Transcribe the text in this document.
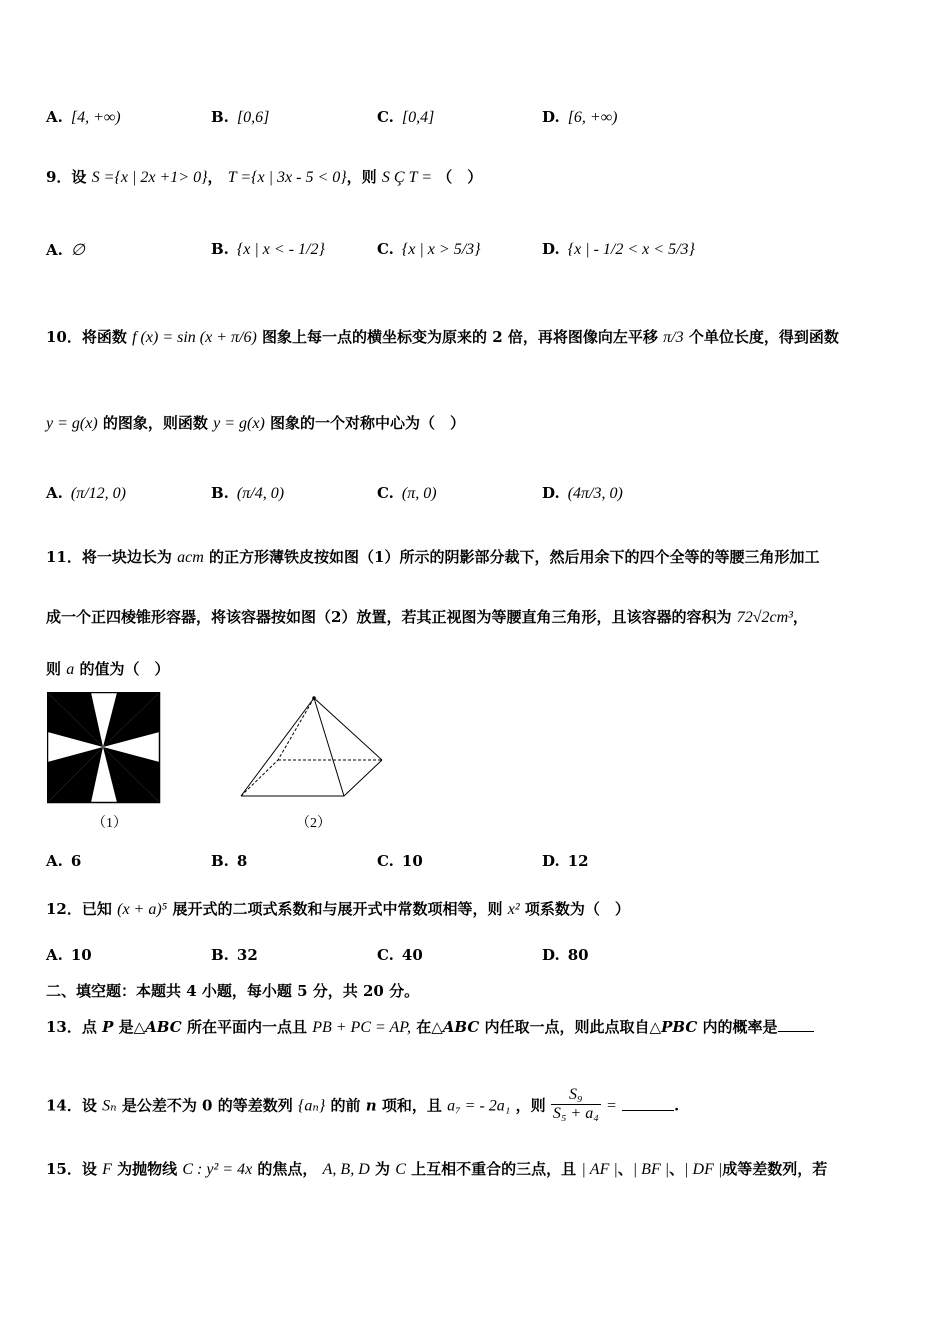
A. [4, +∞)	B. [0,6]	C. [0,4]	D. [6, +∞)
9．设 S ={x | 2x +1> 0}， T ={x | 3x - 5 < 0}，则 S Ç T = （　）
A. ∅	B. {x | x < - 1/2}	C. {x | x > 5/3}	D. {x | - 1/2 < x < 5/3}
10．将函数 f (x) = sin (x + π/6) 图象上每一点的横坐标变为原来的 2 倍，再将图像向左平移 π/3 个单位长度，得到函数
y = g(x) 的图象，则函数 y = g(x) 图象的一个对称中心为（　）
A. (π/12, 0)	B. (π/4, 0)	C. (π, 0)	D. (4π/3, 0)
11．将一块边长为 acm 的正方形薄铁皮按如图（1）所示的阴影部分裁下，然后用余下的四个全等的等腰三角形加工
成一个正四棱锥形容器，将该容器按如图（2）放置，若其正视图为等腰直角三角形，且该容器的容积为 72√2cm³，
则 a 的值为（　）
（1）	（2）
A. 6	B. 8	C. 10	D. 12
12．已知 (x + a)⁵ 展开式的二项式系数和与展开式中常数项相等，则 x² 项系数为（　）
A. 10	B. 32	C. 40	D. 80
二、填空题：本题共 4 小题，每小题 5 分，共 20 分。
13．点 P 是△ABC 所在平面内一点且 PB + PC = AP, 在△ABC 内任取一点，则此点取自△PBC 内的概率是
14．设 Sₙ 是公差不为 0 的等差数列 {aₙ} 的前 n 项和，且 a₇ = - 2a₁ ，则 $\frac{\text{S₉}}{\text{S₅ + a₄}}$ =	.
15．设 F 为抛物线 C : y² = 4x 的焦点， A, B, D 为 C 上互相不重合的三点，且 | AF |、| BF |、| DF |成等差数列，若
